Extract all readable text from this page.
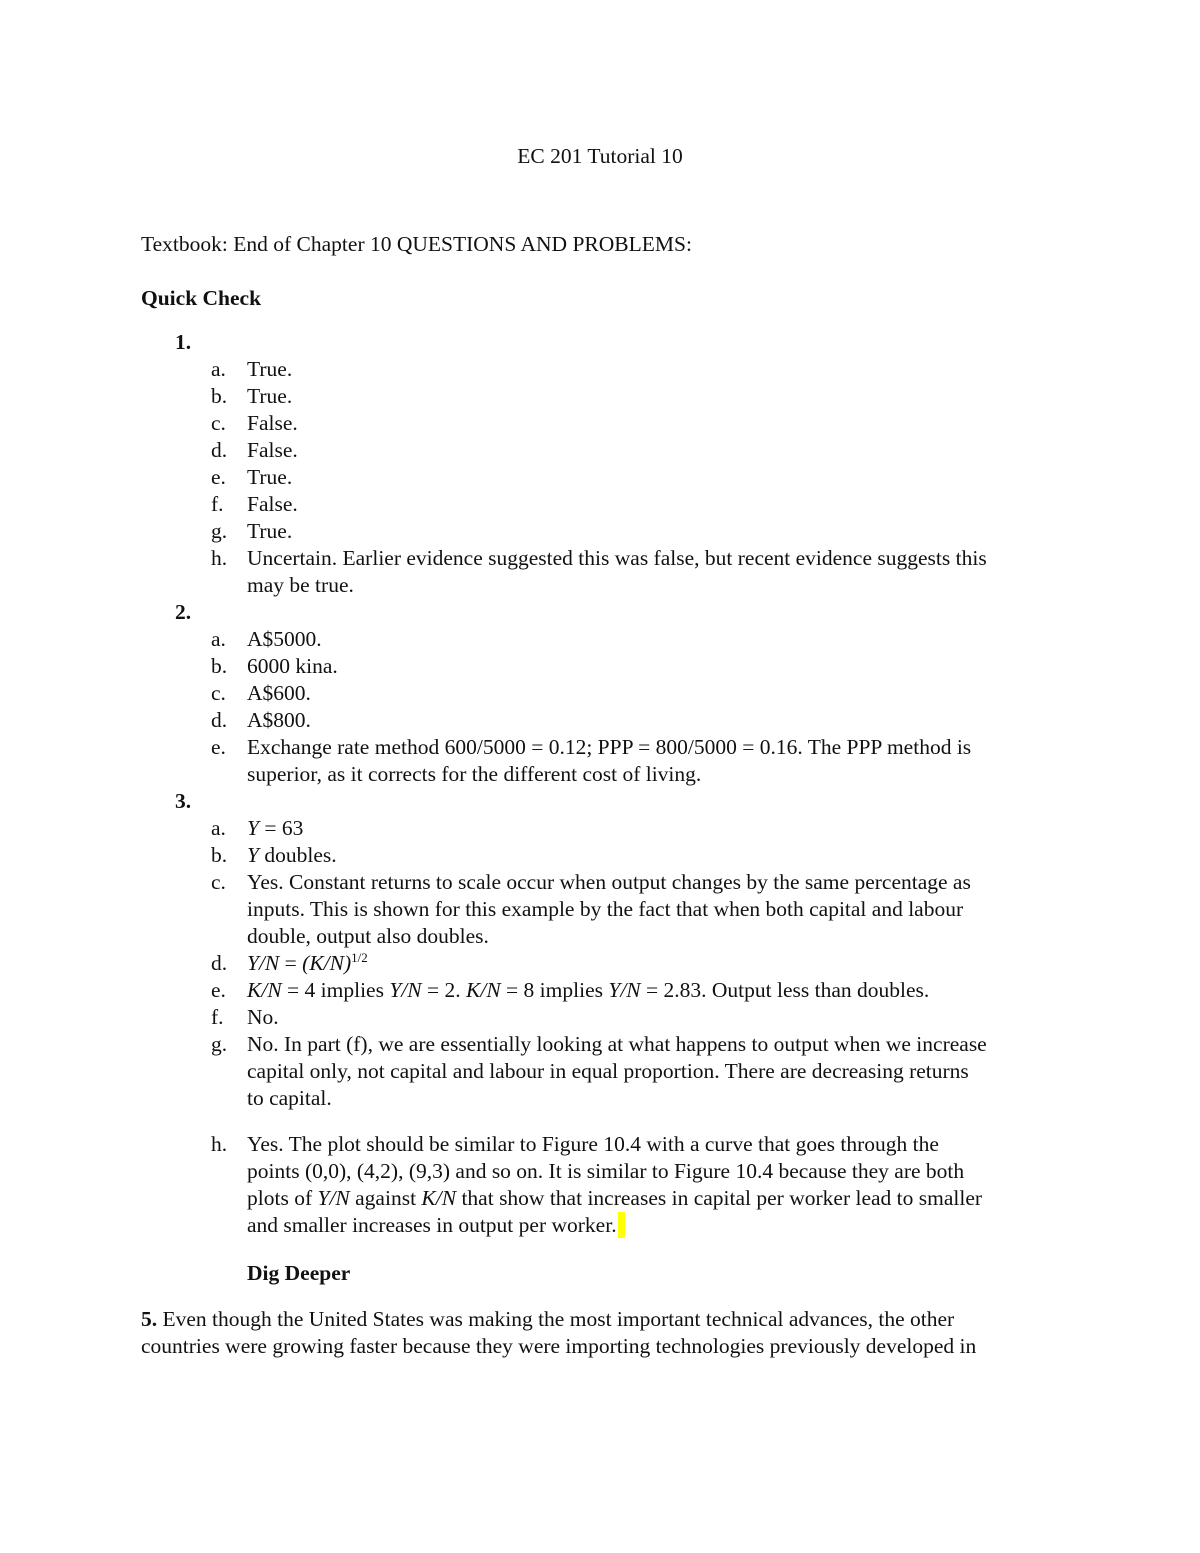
EC 201 Tutorial 10
Textbook: End of Chapter 10 QUESTIONS AND PROBLEMS:
Quick Check
1.
a. True.
b. True.
c. False.
d. False.
e. True.
f. False.
g. True.
h. Uncertain. Earlier evidence suggested this was false, but recent evidence suggests this
may be true.
2.
a. A$5000.
b. 6000 kina.
c. A$600.
d. A$800.
e. Exchange rate method 600/5000 = 0.12; PPP = 800/5000 = 0.16. The PPP method is
superior, as it corrects for the different cost of living.
3.
a. Y = 63
b. Y doubles.
c. Yes. Constant returns to scale occur when output changes by the same percentage as
inputs. This is shown for this example by the fact that when both capital and labour
double, output also doubles.
d. $Y/N = (K/N)^{1/2}$
e. K/N = 4 implies Y/N = 2. K/N = 8 implies Y/N = 2.83. Output less than doubles.
f. No.
g. No. In part (f), we are essentially looking at what happens to output when we increase
capital only, not capital and labour in equal proportion. There are decreasing returns
to capital.
h. Yes. The plot should be similar to Figure 10.4 with a curve that goes through the
points (0,0), (4,2), (9,3) and so on. It is similar to Figure 10.4 because they are both
plots of Y/N against K/N that show that increases in capital per worker lead to smaller
and smaller increases in output per worker.
Dig Deeper
5. Even though the United States was making the most important technical advances, the other
countries were growing faster because they were importing technologies previously developed in
